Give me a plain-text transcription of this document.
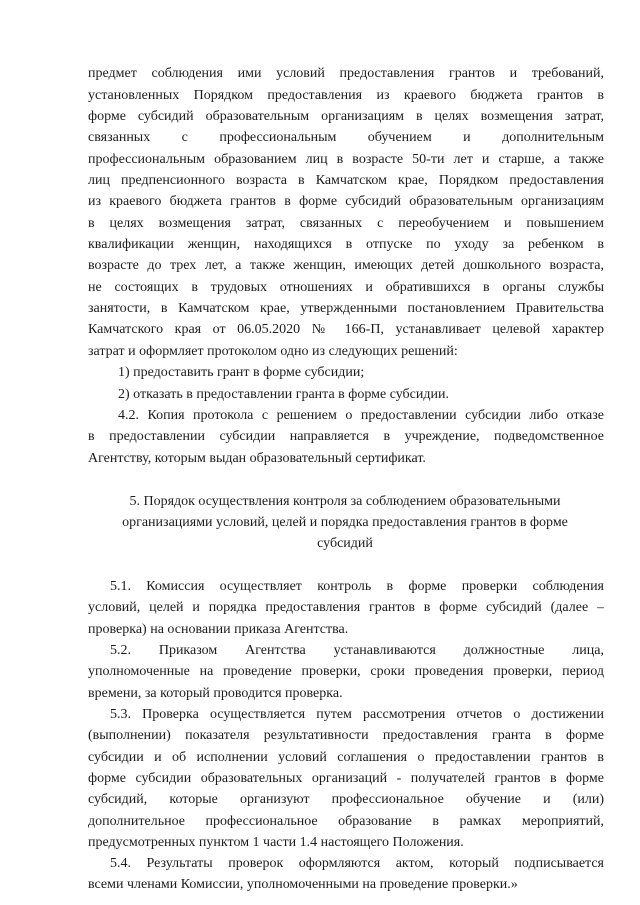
предмет соблюдения ими условий предоставления грантов и требований,
установленных Порядком предоставления из краевого бюджета грантов в
форме субсидий образовательным организациям в целях возмещения затрат,
связанных с профессиональным обучением и дополнительным
профессиональным образованием лиц в возрасте 50-ти лет и старше, а также
лиц предпенсионного возраста в Камчатском крае, Порядком предоставления
из краевого бюджета грантов в форме субсидий образовательным организациям
в целях возмещения затрат, связанных с переобучением и повышением
квалификации женщин, находящихся в отпуске по уходу за ребенком в
возрасте до трех лет, а также женщин, имеющих детей дошкольного возраста,
не состоящих в трудовых отношениях и обратившихся в органы службы
занятости, в Камчатском крае, утвержденными постановлением Правительства
Камчатского края от 06.05.2020 № 166-П, устанавливает целевой характер
затрат и оформляет протоколом одно из следующих решений:
1) предоставить грант в форме субсидии;
2) отказать в предоставлении гранта в форме субсидии.
4.2. Копия протокола с решением о предоставлении субсидии либо отказе
в предоставлении субсидии направляется в учреждение, подведомственное
Агентству, которым выдан образовательный сертификат.
5. Порядок осуществления контроля за соблюдением образовательными
организациями условий, целей и порядка предоставления грантов в форме
субсидий
5.1. Комиссия осуществляет контроль в форме проверки соблюдения
условий, целей и порядка предоставления грантов в форме субсидий (далее –
проверка) на основании приказа Агентства.
5.2. Приказом Агентства устанавливаются должностные лица,
уполномоченные на проведение проверки, сроки проведения проверки, период
времени, за который проводится проверка.
5.3. Проверка осуществляется путем рассмотрения отчетов о достижении
(выполнении) показателя результативности предоставления гранта в форме
субсидии и об исполнении условий соглашения о предоставлении грантов в
форме субсидии образовательных организаций - получателей грантов в форме
субсидий, которые организуют профессиональное обучение и (или)
дополнительное профессиональное образование в рамках мероприятий,
предусмотренных пунктом 1 части 1.4 настоящего Положения.
5.4. Результаты проверок оформляются актом, который подписывается
всеми членами Комиссии, уполномоченными на проведение проверки.»
